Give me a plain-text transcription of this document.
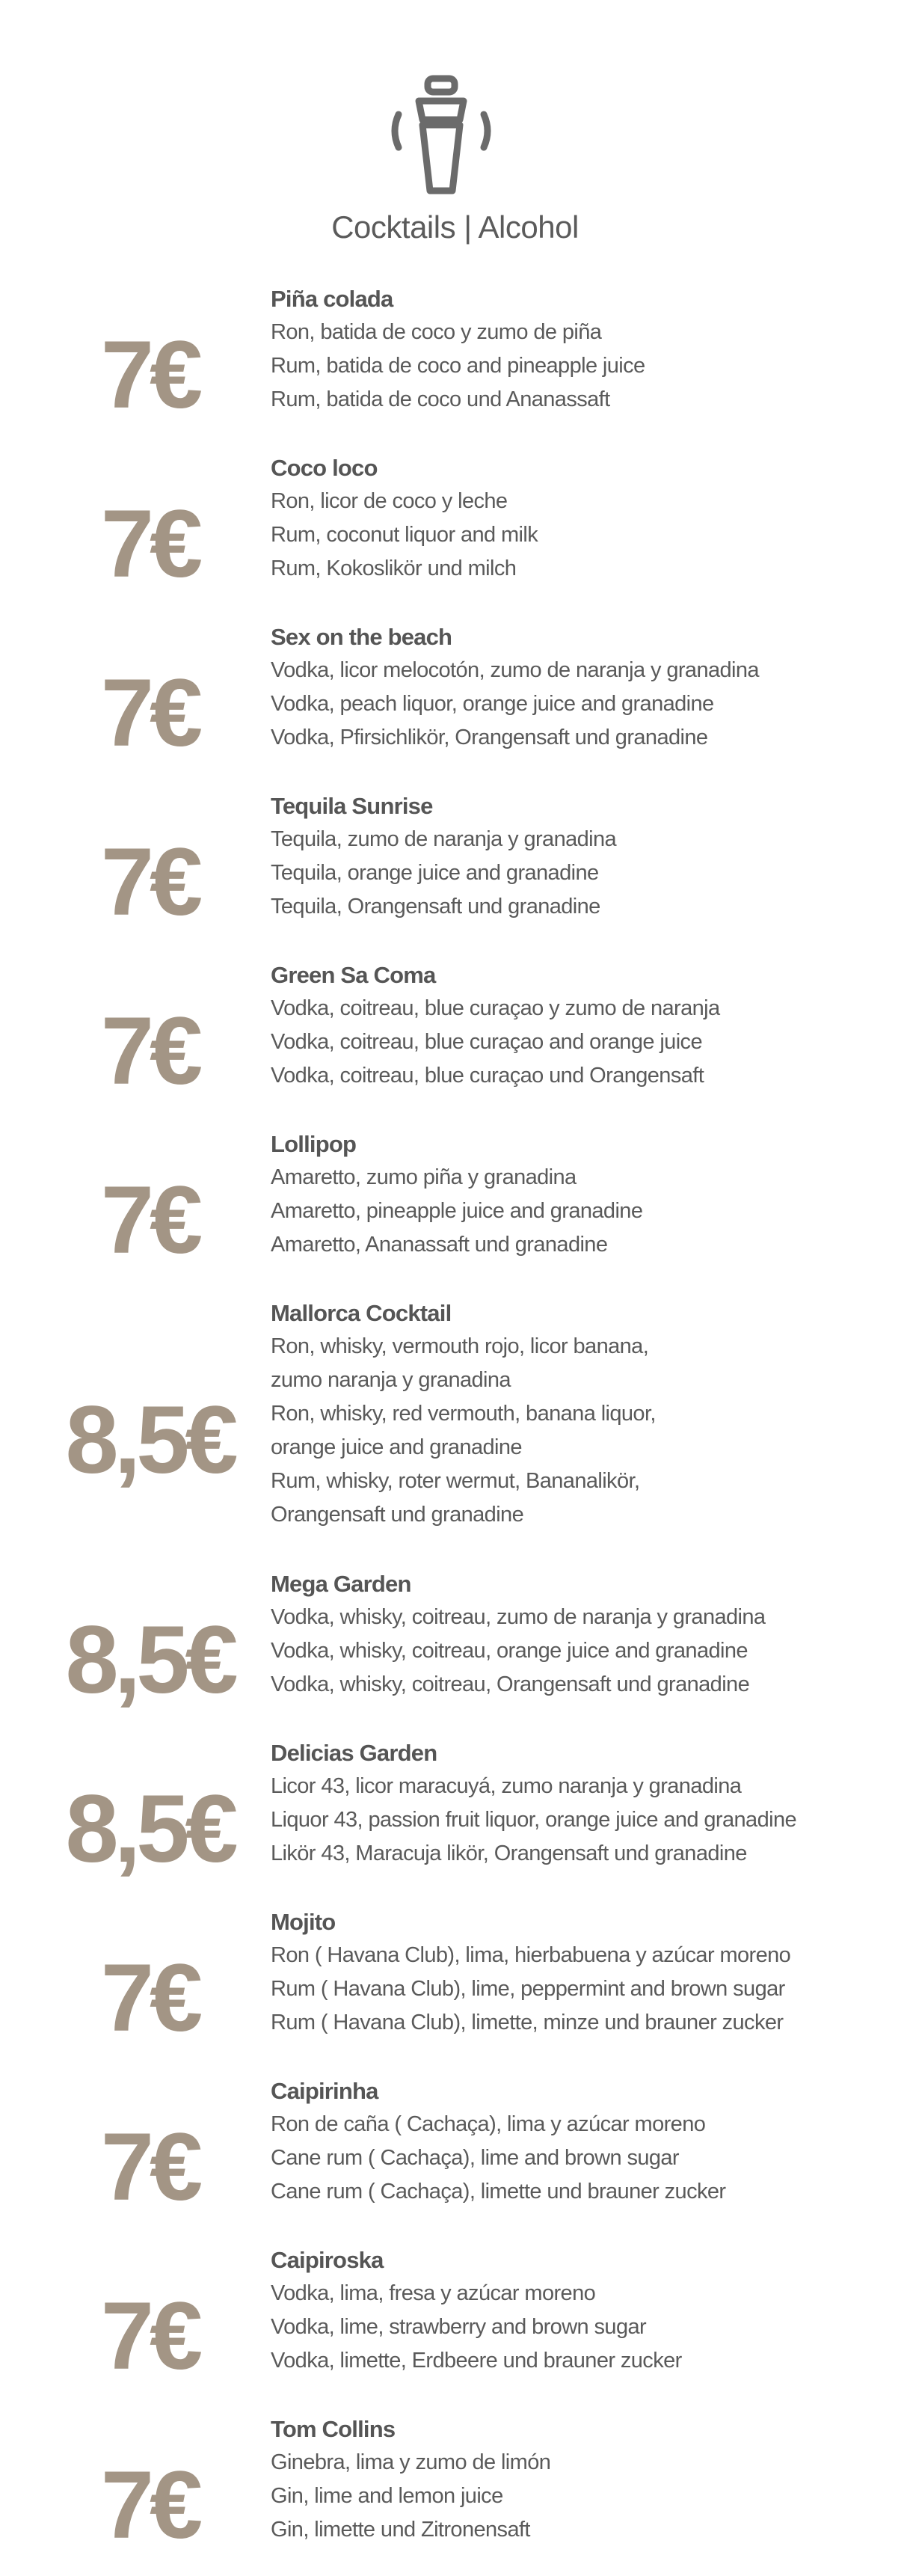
Cocktails | Alcohol
7€
Piña colada
Ron, batida de coco y zumo de piña
Rum, batida de coco and pineapple juice
Rum, batida de coco und Ananassaft
7€
Coco loco
Ron, licor de coco y leche
Rum, coconut liquor and milk
Rum, Kokoslikör und milch
7€
Sex on the beach
Vodka, licor melocotón, zumo de naranja y granadina
Vodka, peach liquor, orange juice and granadine
Vodka, Pfirsichlikör, Orangensaft und granadine
7€
Tequila Sunrise
Tequila, zumo de naranja y granadina
Tequila, orange juice and granadine
Tequila, Orangensaft und granadine
7€
Green Sa Coma
Vodka, coitreau, blue curaçao y zumo de naranja
Vodka, coitreau, blue curaçao and orange juice
Vodka, coitreau, blue curaçao und Orangensaft
7€
Lollipop
Amaretto, zumo piña y granadina
Amaretto, pineapple juice and granadine
Amaretto, Ananassaft und granadine
8,5€
Mallorca Cocktail
Ron, whisky, vermouth rojo, licor banana,
zumo naranja y granadina
Ron, whisky, red vermouth, banana liquor,
orange juice and granadine
Rum, whisky, roter wermut, Bananalikör,
Orangensaft und granadine
8,5€
Mega Garden
Vodka, whisky, coitreau, zumo de naranja y granadina
Vodka, whisky, coitreau, orange juice and granadine
Vodka, whisky, coitreau, Orangensaft und granadine
8,5€
Delicias Garden
Licor 43, licor maracuyá, zumo naranja y granadina
Liquor 43, passion fruit liquor, orange juice and granadine
Likör 43, Maracuja likör, Orangensaft und granadine
7€
Mojito
Ron ( Havana Club), lima, hierbabuena y azúcar moreno
Rum ( Havana Club), lime, peppermint and brown sugar
Rum ( Havana Club), limette, minze und brauner zucker
7€
Caipirinha
Ron de caña ( Cachaça), lima y azúcar moreno
Cane rum ( Cachaça), lime and brown sugar
Cane rum ( Cachaça), limette und brauner zucker
7€
Caipiroska
Vodka, lima, fresa y azúcar moreno
Vodka, lime, strawberry and brown sugar
Vodka, limette, Erdbeere und brauner zucker
7€
Tom Collins
Ginebra, lima y zumo de limón
Gin, lime and lemon juice
Gin, limette und Zitronensaft
